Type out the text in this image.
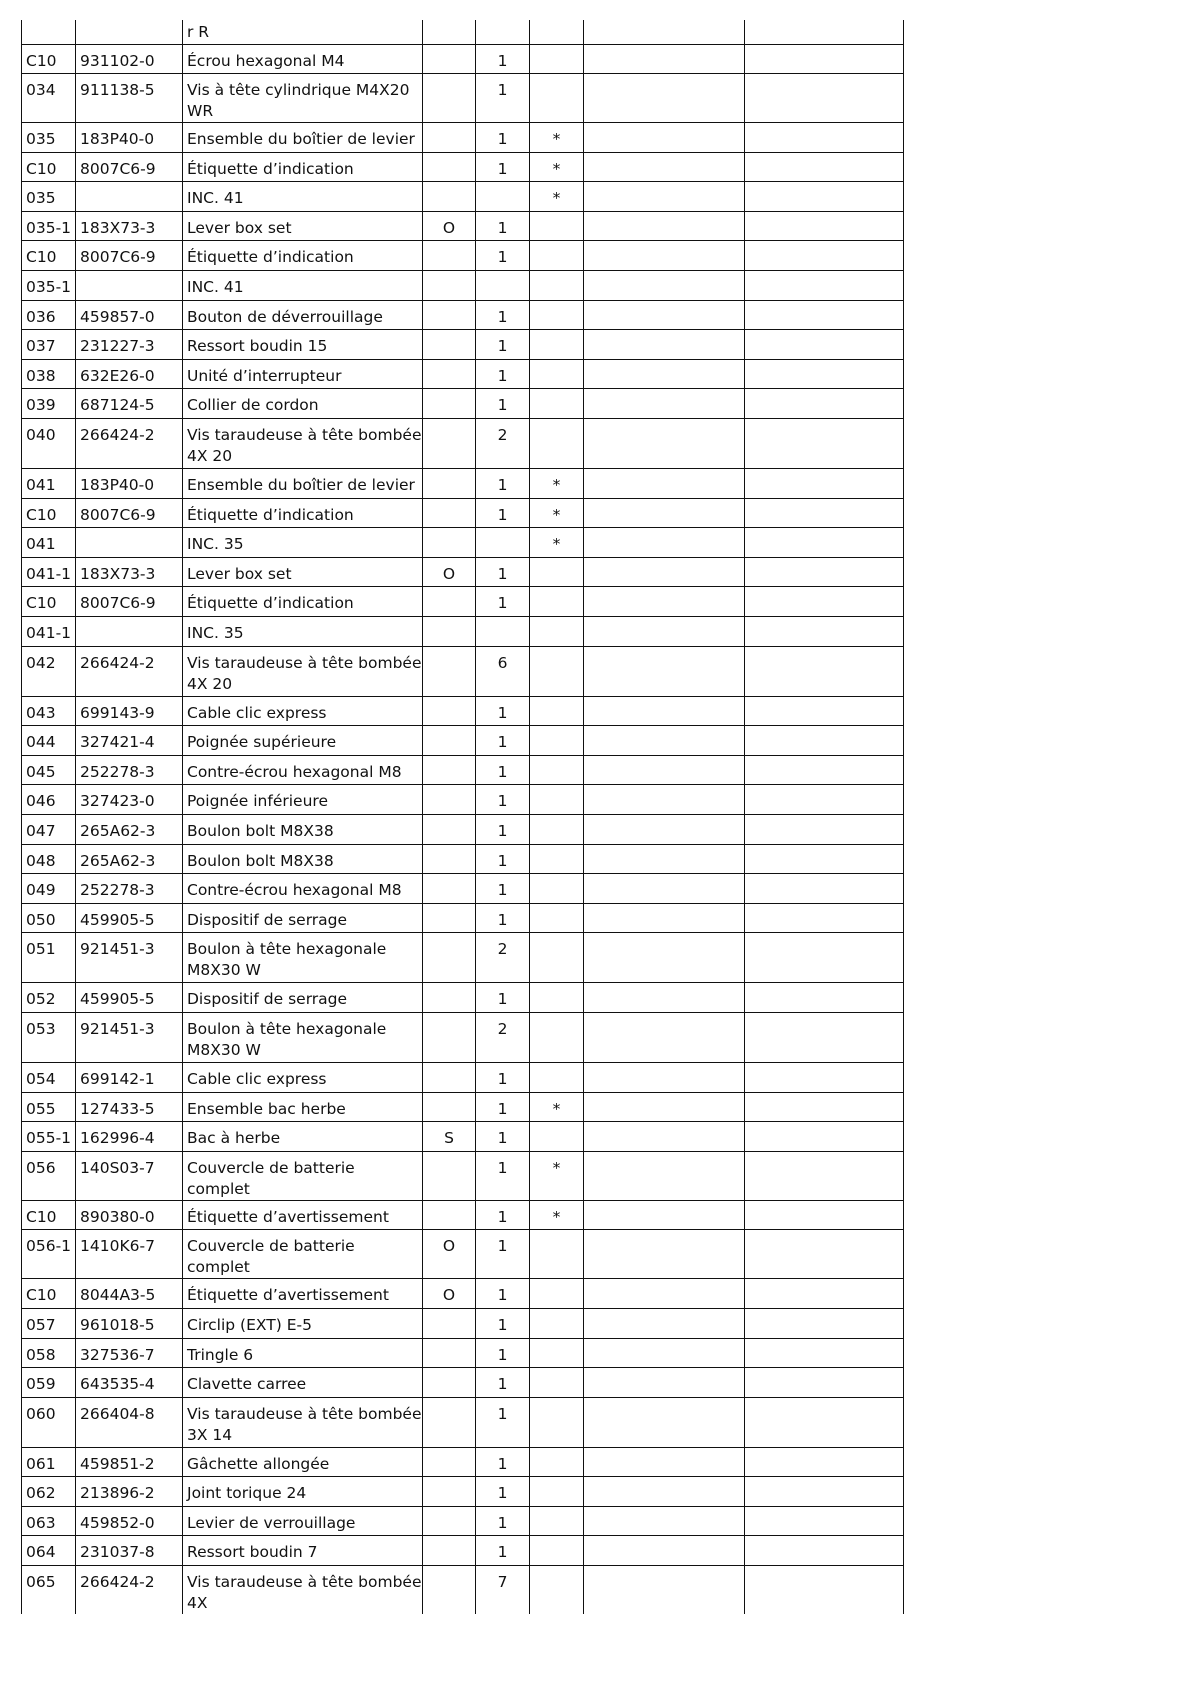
		r R					
C10	931102-0	Écrou hexagonal M4		1			
034	911138-5	Vis à tête cylindrique M4X20 WR		1			
035	183P40-0	Ensemble du boîtier de levier		1	*		
C10	8007C6-9	Étiquette d’indication		1	*		
035		INC. 41			*		
035-1	183X73-3	Lever box set	O	1			
C10	8007C6-9	Étiquette d’indication		1			
035-1		INC. 41					
036	459857-0	Bouton de déverrouillage		1			
037	231227-3	Ressort boudin 15		1			
038	632E26-0	Unité d’interrupteur		1			
039	687124-5	Collier de cordon		1			
040	266424-2	Vis taraudeuse à tête bombée 4X 20		2			
041	183P40-0	Ensemble du boîtier de levier		1	*		
C10	8007C6-9	Étiquette d’indication		1	*		
041		INC. 35			*		
041-1	183X73-3	Lever box set	O	1			
C10	8007C6-9	Étiquette d’indication		1			
041-1		INC. 35					
042	266424-2	Vis taraudeuse à tête bombée 4X 20		6			
043	699143-9	Cable clic express		1			
044	327421-4	Poignée supérieure		1			
045	252278-3	Contre-écrou hexagonal M8		1			
046	327423-0	Poignée inférieure		1			
047	265A62-3	Boulon bolt M8X38		1			
048	265A62-3	Boulon bolt M8X38		1			
049	252278-3	Contre-écrou hexagonal M8		1			
050	459905-5	Dispositif de serrage		1			
051	921451-3	Boulon à tête hexagonale M8X30 W		2			
052	459905-5	Dispositif de serrage		1			
053	921451-3	Boulon à tête hexagonale M8X30 W		2			
054	699142-1	Cable clic express		1			
055	127433-5	Ensemble bac herbe		1	*		
055-1	162996-4	Bac à herbe	S	1			
056	140S03-7	Couvercle de batterie complet		1	*		
C10	890380-0	Étiquette d’avertissement		1	*		
056-1	1410K6-7	Couvercle de batterie complet	O	1			
C10	8044A3-5	Étiquette d’avertissement	O	1			
057	961018-5	Circlip (EXT) E-5		1			
058	327536-7	Tringle 6		1			
059	643535-4	Clavette carree		1			
060	266404-8	Vis taraudeuse à tête bombée 3X 14		1			
061	459851-2	Gâchette allongée		1			
062	213896-2	Joint torique 24		1			
063	459852-0	Levier de verrouillage		1			
064	231037-8	Ressort boudin 7		1			
065	266424-2	Vis taraudeuse à tête bombée 4X		7			
